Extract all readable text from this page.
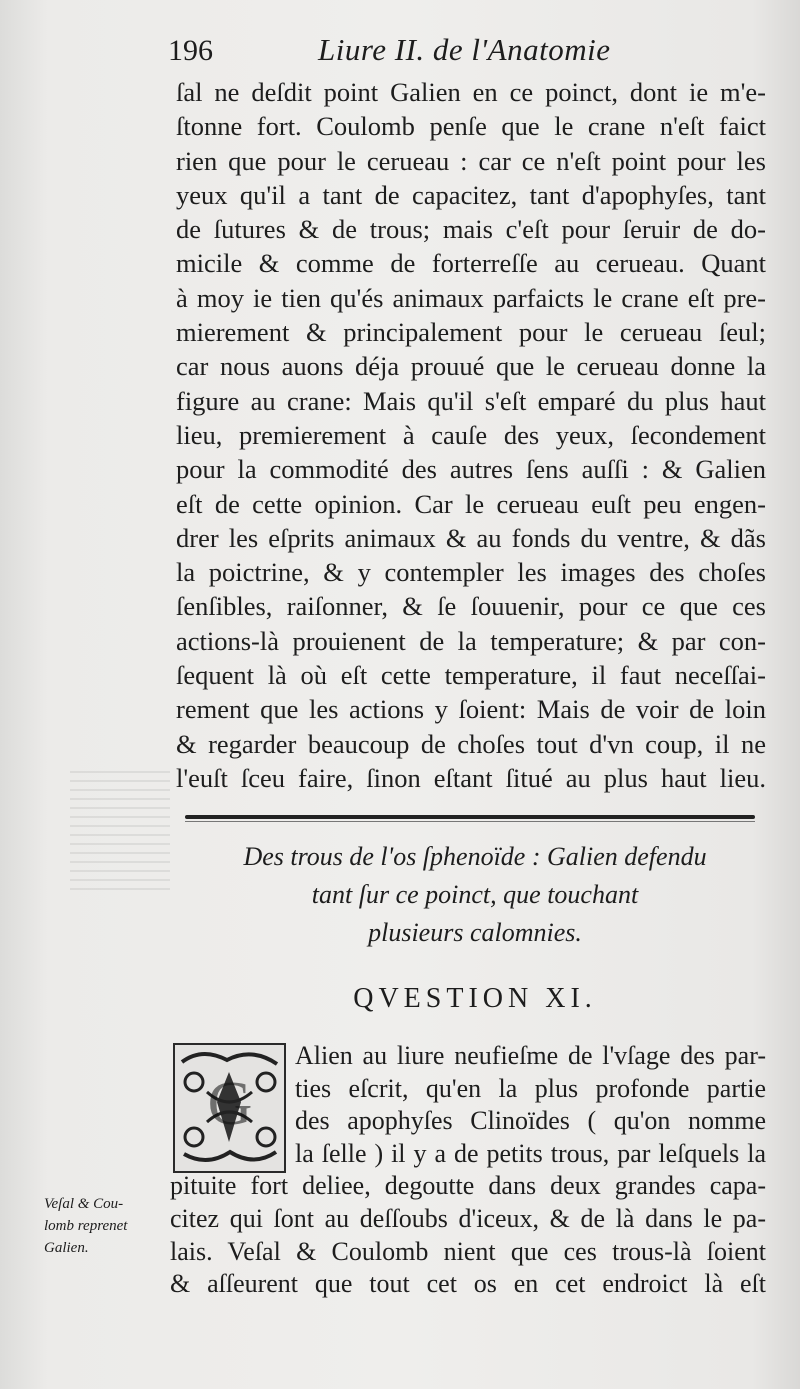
196	Liure II. de l'Anatomie
ſal ne deſdit point Galien en ce poinct, dont ie m'e-
ſtonne fort. Coulomb penſe que le crane n'eſt faict
rien que pour le cerueau : car ce n'eſt point pour les
yeux qu'il a tant de capacitez, tant d'apophyſes, tant
de ſutures & de trous; mais c'eſt pour ſeruir de do-
micile & comme de forterreſſe au cerueau. Quant
à moy ie tien qu'és animaux parfaicts le crane eſt pre-
mierement & principalement pour le cerueau ſeul;
car nous auons déja prouué que le cerueau donne la
figure au crane: Mais qu'il s'eſt emparé du plus haut
lieu, premierement à cauſe des yeux, ſecondement
pour la commodité des autres ſens auſſi : & Galien
eſt de cette opinion. Car le cerueau euſt peu engen-
drer les eſprits animaux & au fonds du ventre, & dãs
la poictrine, & y contempler les images des choſes
ſenſibles, raiſonner, & ſe ſouuenir, pour ce que ces
actions-là prouienent de la temperature; & par con-
ſequent là où eſt cette temperature, il faut neceſſai-
rement que les actions y ſoient: Mais de voir de loin
& regarder beaucoup de choſes tout d'vn coup, il ne
l'euſt ſceu faire, ſinon eſtant ſitué au plus haut lieu.
Des trous de l'os ſphenoïde : Galien defendu
tant ſur ce poinct, que touchant
plusieurs calomnies.
QVESTION XI.
G
Alien au liure neufieſme de l'vſage des par-
ties eſcrit, qu'en la plus profonde partie
des apophyſes Clinoïdes ( qu'on nomme
la ſelle ) il y a de petits trous, par leſquels la
pituite fort deliee, degoutte dans deux grandes capa-
citez qui ſont au deſſoubs d'iceux, & de là dans le pa-
lais. Veſal & Coulomb nient que ces trous-là ſoient
& aſſeurent que tout cet os en cet endroict là eſt
Veſal & Cou-
lomb reprenet
Galien.
